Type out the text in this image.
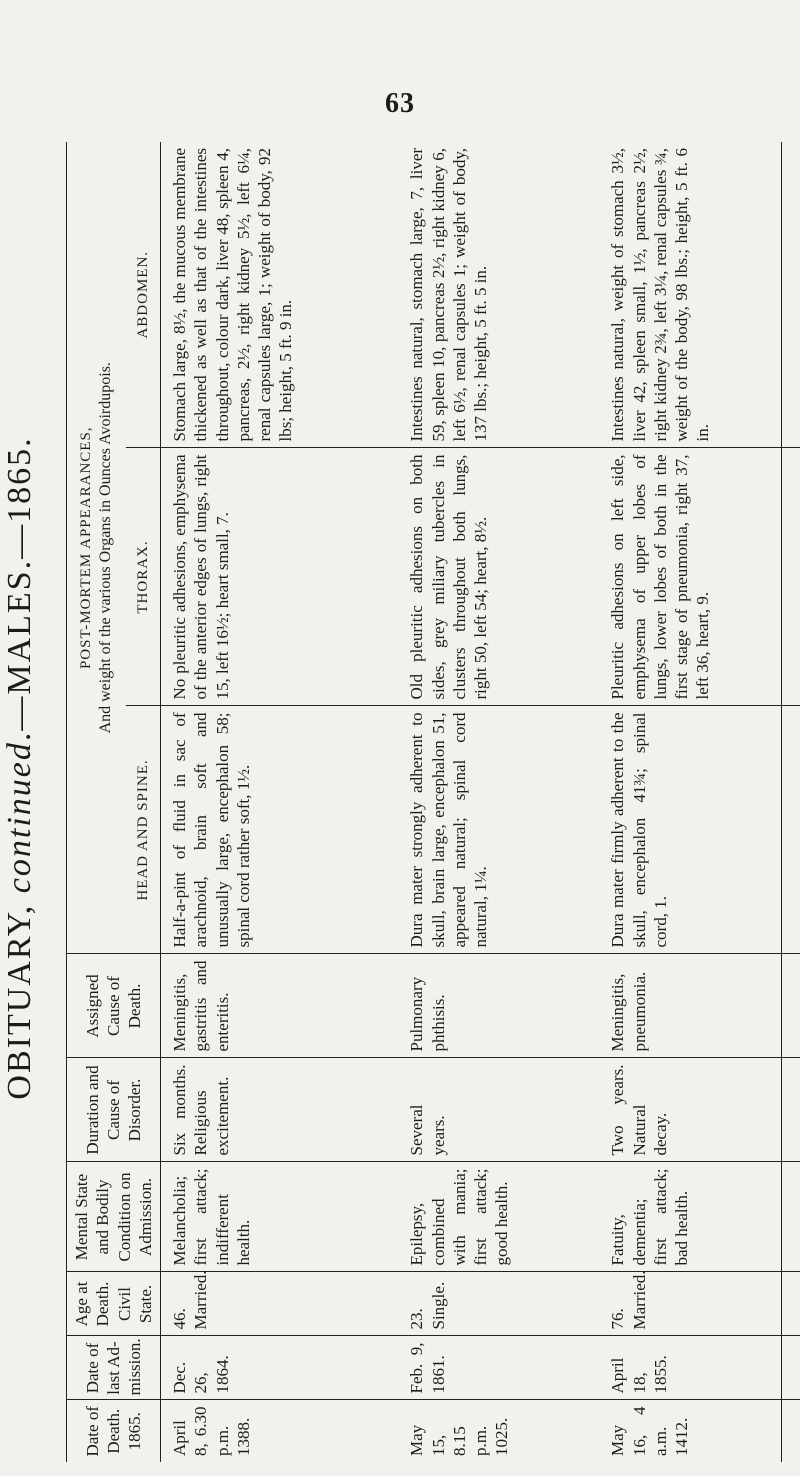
63
OBITUARY, continued.—MALES.—1865.
Date of Death. 1865.	Date of last Ad-mission.	Age at Death. Civil State.	Mental State and Bodily Condition on Admission.	Duration and Cause of Disorder.	Assigned Cause of Death.	POST-MORTEM APPEARANCES, And weight of the various Organs in Ounces Avoirdupois.		

						HEAD AND SPINE.	THORAX.	ABDOMEN.
April 8, 6.30 p.m. 1388.	Dec. 26, 1864.	46. Married.	Melancholia; first attack; indifferent health.	Six months. Religious excitement.	Meningitis, gastritis and enteritis.	Half-a-pint of fluid in sac of arachnoid, brain soft and unusually large, encephalon 58; spinal cord rather soft, 1½.	No pleuritic adhesions, emphysema of the anterior edges of lungs, right 15, left 16½; heart small, 7.	Stomach large, 8½, the mucous membrane thickened as well as that of the intestines throughout, colour dark, liver 48, spleen 4, pancreas, 2½, right kidney 5½, left 6¼, renal capsules large, 1; weight of body, 92 lbs; height, 5 ft. 9 in.
May 15, 8.15 p.m. 1025.	Feb. 9, 1861.	23. Single.	Epilepsy, combined with mania; first attack; good health.	Several years.	Pulmonary phthisis.	Dura mater strongly adherent to skull, brain large, encephalon 51, appeared natural; spinal cord natural, 1¼.	Old pleuritic adhesions on both sides, grey miliary tubercles in clusters throughout both lungs, right 50, left 54; heart, 8½.	Intestines natural, stomach large, 7, liver 59, spleen 10, pancreas 2½, right kidney 6, left 6½, renal capsules 1; weight of body, 137 lbs.; height, 5 ft. 5 in.
May 16, 4 a.m. 1412.	April 18, 1855.	76. Married.	Fatuity, dementia; first attack; bad health.	Two years. Natural decay.	Meningitis, pneumonia.	Dura mater firmly adherent to the skull, encephalon 41¾; spinal cord, 1.	Pleuritic adhesions on left side, emphysema of upper lobes of lungs, lower lobes of both in the first stage of pneumonia, right 37, left 36, heart, 9.	Intestines natural, weight of stomach 3½, liver 42, spleen small, 1½, pancreas 2½, right kidney 2¾, left 3¼, renal capsules ¾, weight of the body, 98 lbs.; height, 5 ft. 6 in.
